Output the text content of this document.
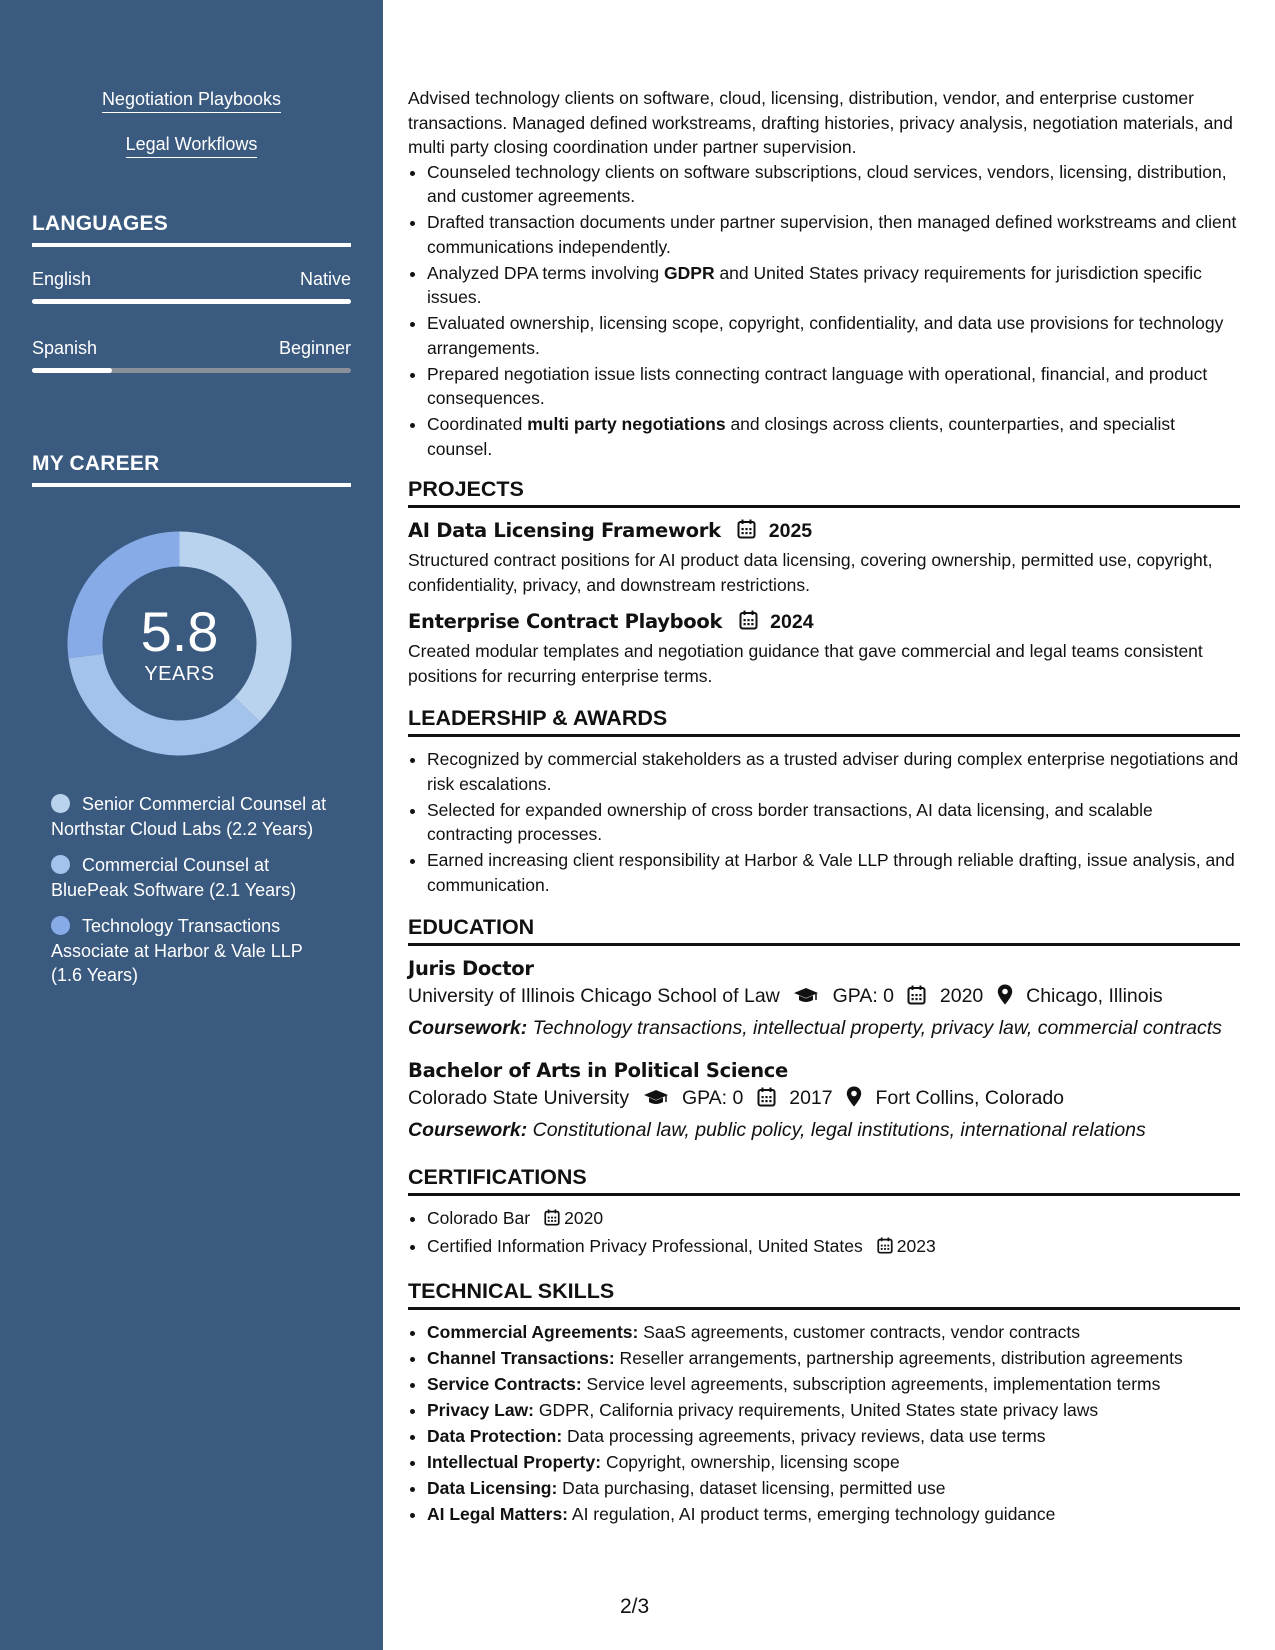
Negotiation Playbooks
Legal Workflows
LANGUAGES
English	Native
Spanish	Beginner
MY CAREER
5.8
YEARS
Senior Commercial Counsel at Northstar Cloud Labs (2.2 Years)
Commercial Counsel at BluePeak Software (2.1 Years)
Technology Transactions Associate at Harbor & Vale LLP (1.6 Years)

Advised technology clients on software, cloud, licensing, distribution, vendor, and enterprise customer transactions. Managed defined workstreams, drafting histories, privacy analysis, negotiation materials, and multi party closing coordination under partner supervision.

• Counseled technology clients on software subscriptions, cloud services, vendors, licensing, distribution, and customer agreements.
• Drafted transaction documents under partner supervision, then managed defined workstreams and client communications independently.
• Analyzed DPA terms involving GDPR and United States privacy requirements for jurisdiction specific issues.
• Evaluated ownership, licensing scope, copyright, confidentiality, and data use provisions for technology arrangements.
• Prepared negotiation issue lists connecting contract language with operational, financial, and product consequences.
• Coordinated multi party negotiations and closings across clients, counterparties, and specialist counsel.
PROJECTS
AI Data Licensing Framework 2025

Structured contract positions for AI product data licensing, covering ownership, permitted use, copyright, confidentiality, privacy, and downstream restrictions.

Enterprise Contract Playbook 2024

Created modular templates and negotiation guidance that gave commercial and legal teams consistent positions for recurring enterprise terms.

LEADERSHIP & AWARDS
• Recognized by commercial stakeholders as a trusted adviser during complex enterprise negotiations and risk escalations.
• Selected for expanded ownership of cross border transactions, AI data licensing, and scalable contracting processes.
• Earned increasing client responsibility at Harbor & Vale LLP through reliable drafting, issue analysis, and communication.
EDUCATION
Juris Doctor
University of Illinois Chicago School of Law	GPA: 0 2020 Chicago, Illinois

Coursework: Technology transactions, intellectual property, privacy law, commercial contracts

Bachelor of Arts in Political Science
Colorado State University	GPA: 0 2017 Fort Collins, Colorado

Coursework: Constitutional law, public policy, legal institutions, international relations

CERTIFICATIONS
• Colorado Bar 2020
• Certified Information Privacy Professional, United States 2023
TECHNICAL SKILLS
• Commercial Agreements: SaaS agreements, customer contracts, vendor contracts
• Channel Transactions: Reseller arrangements, partnership agreements, distribution agreements
• Service Contracts: Service level agreements, subscription agreements, implementation terms
• Privacy Law: GDPR, California privacy requirements, United States state privacy laws
• Data Protection: Data processing agreements, privacy reviews, data use terms
• Intellectual Property: Copyright, ownership, licensing scope
• Data Licensing: Data purchasing, dataset licensing, permitted use
• AI Legal Matters: AI regulation, AI product terms, emerging technology guidance
2/3
